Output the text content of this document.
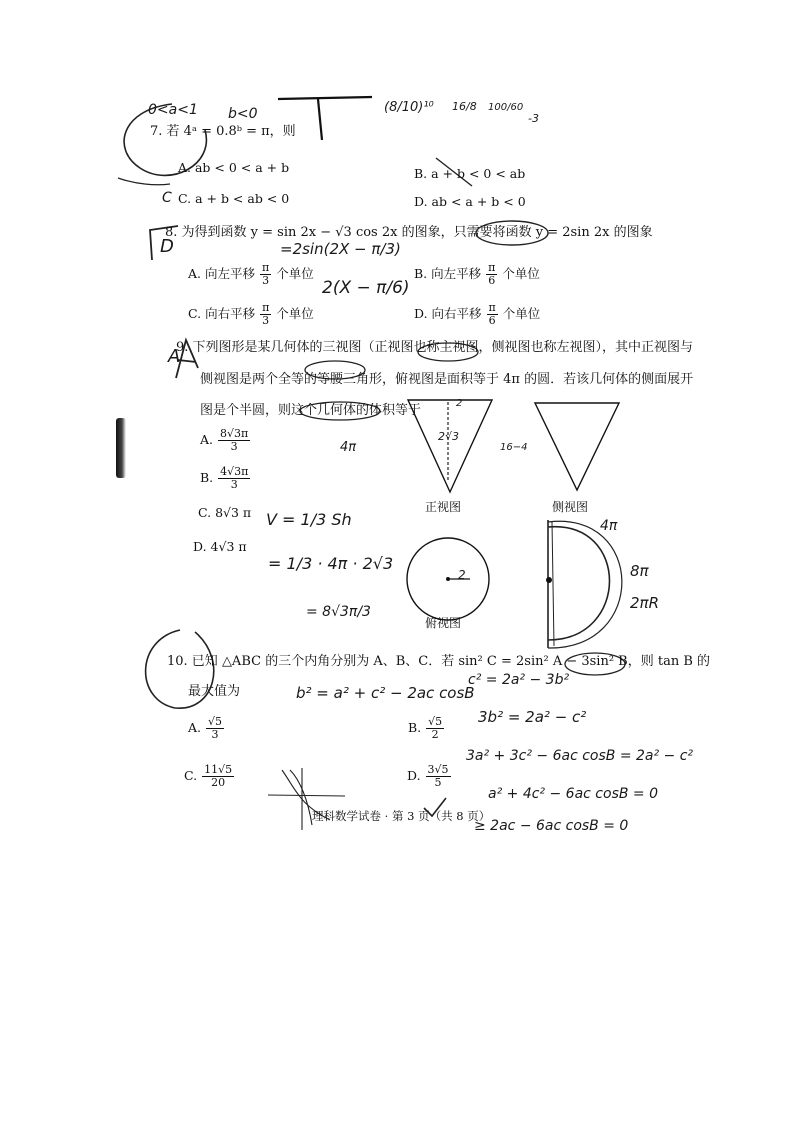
7. 若 4ᵃ = 0.8ᵇ = π，则
A. ab < 0 < a + b	B. a + b < 0 < ab
C. a + b < ab < 0	D. ab < a + b < 0
8. 为得到函数 y = sin 2x − √3 cos 2x 的图象，只需要将函数 y = 2sin 2x 的图象
A. 向左平移 $\frac{\pi}{3}$ 个单位	B. 向左平移 $\frac{\pi}{6}$ 个单位
C. 向右平移 $\frac{\pi}{3}$ 个单位	D. 向右平移 $\frac{\pi}{6}$ 个单位
9. 下列图形是某几何体的三视图（正视图也称主视图，侧视图也称左视图），其中正视图与
侧视图是两个全等的等腰三角形，俯视图是面积等于 4π 的圆．若该几何体的侧面展开
图是个半圆，则这个几何体的体积等于
A. $\frac{8√3\pi}{3}$
B. $\frac{4√3\pi}{3}$
C. 8√3 π
D. 4√3 π
正视图	侧视图
俯视图
10. 已知 △ABC 的三个内角分别为 A、B、C．若 sin² C = 2sin² A − 3sin² B，则 tan B 的
最大值为
A. $\frac{√5}{3}$	B. $\frac{√5}{2}$
C. $\frac{11√5}{20}$	D. $\frac{3√5}{5}$
理科数学试卷 · 第 3 页（共 8 页）
0<a<1 b<0	(8/10)¹⁰ 16/8 100/60
-3
=2sin(2X − π/3)
2(X − π/6)
4π	16−4
2√3
2
V = 1/3 Sh
= 1/3 · 4π · 2√3
= 8√3π/3
4π
8π
2πR
2
c² = 2a² − 3b²
b² = a² + c² − 2ac cosB
3b² = 2a² − c²
3a² + 3c² − 6ac cosB = 2a² − c²
a² + 4c² − 6ac cosB = 0
≥ 2ac − 6ac cosB = 0
C
D
A
